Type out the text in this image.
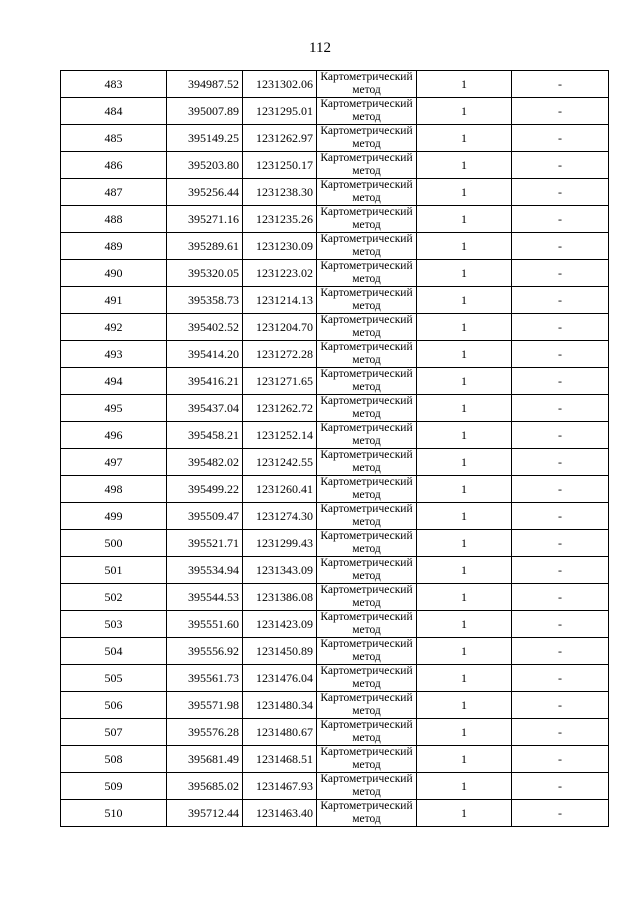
112
483	394987.52	1231302.06	Картометрический метод	1	-
484	395007.89	1231295.01	Картометрический метод	1	-
485	395149.25	1231262.97	Картометрический метод	1	-
486	395203.80	1231250.17	Картометрический метод	1	-
487	395256.44	1231238.30	Картометрический метод	1	-
488	395271.16	1231235.26	Картометрический метод	1	-
489	395289.61	1231230.09	Картометрический метод	1	-
490	395320.05	1231223.02	Картометрический метод	1	-
491	395358.73	1231214.13	Картометрический метод	1	-
492	395402.52	1231204.70	Картометрический метод	1	-
493	395414.20	1231272.28	Картометрический метод	1	-
494	395416.21	1231271.65	Картометрический метод	1	-
495	395437.04	1231262.72	Картометрический метод	1	-
496	395458.21	1231252.14	Картометрический метод	1	-
497	395482.02	1231242.55	Картометрический метод	1	-
498	395499.22	1231260.41	Картометрический метод	1	-
499	395509.47	1231274.30	Картометрический метод	1	-
500	395521.71	1231299.43	Картометрический метод	1	-
501	395534.94	1231343.09	Картометрический метод	1	-
502	395544.53	1231386.08	Картометрический метод	1	-
503	395551.60	1231423.09	Картометрический метод	1	-
504	395556.92	1231450.89	Картометрический метод	1	-
505	395561.73	1231476.04	Картометрический метод	1	-
506	395571.98	1231480.34	Картометрический метод	1	-
507	395576.28	1231480.67	Картометрический метод	1	-
508	395681.49	1231468.51	Картометрический метод	1	-
509	395685.02	1231467.93	Картометрический метод	1	-
510	395712.44	1231463.40	Картометрический метод	1	-
